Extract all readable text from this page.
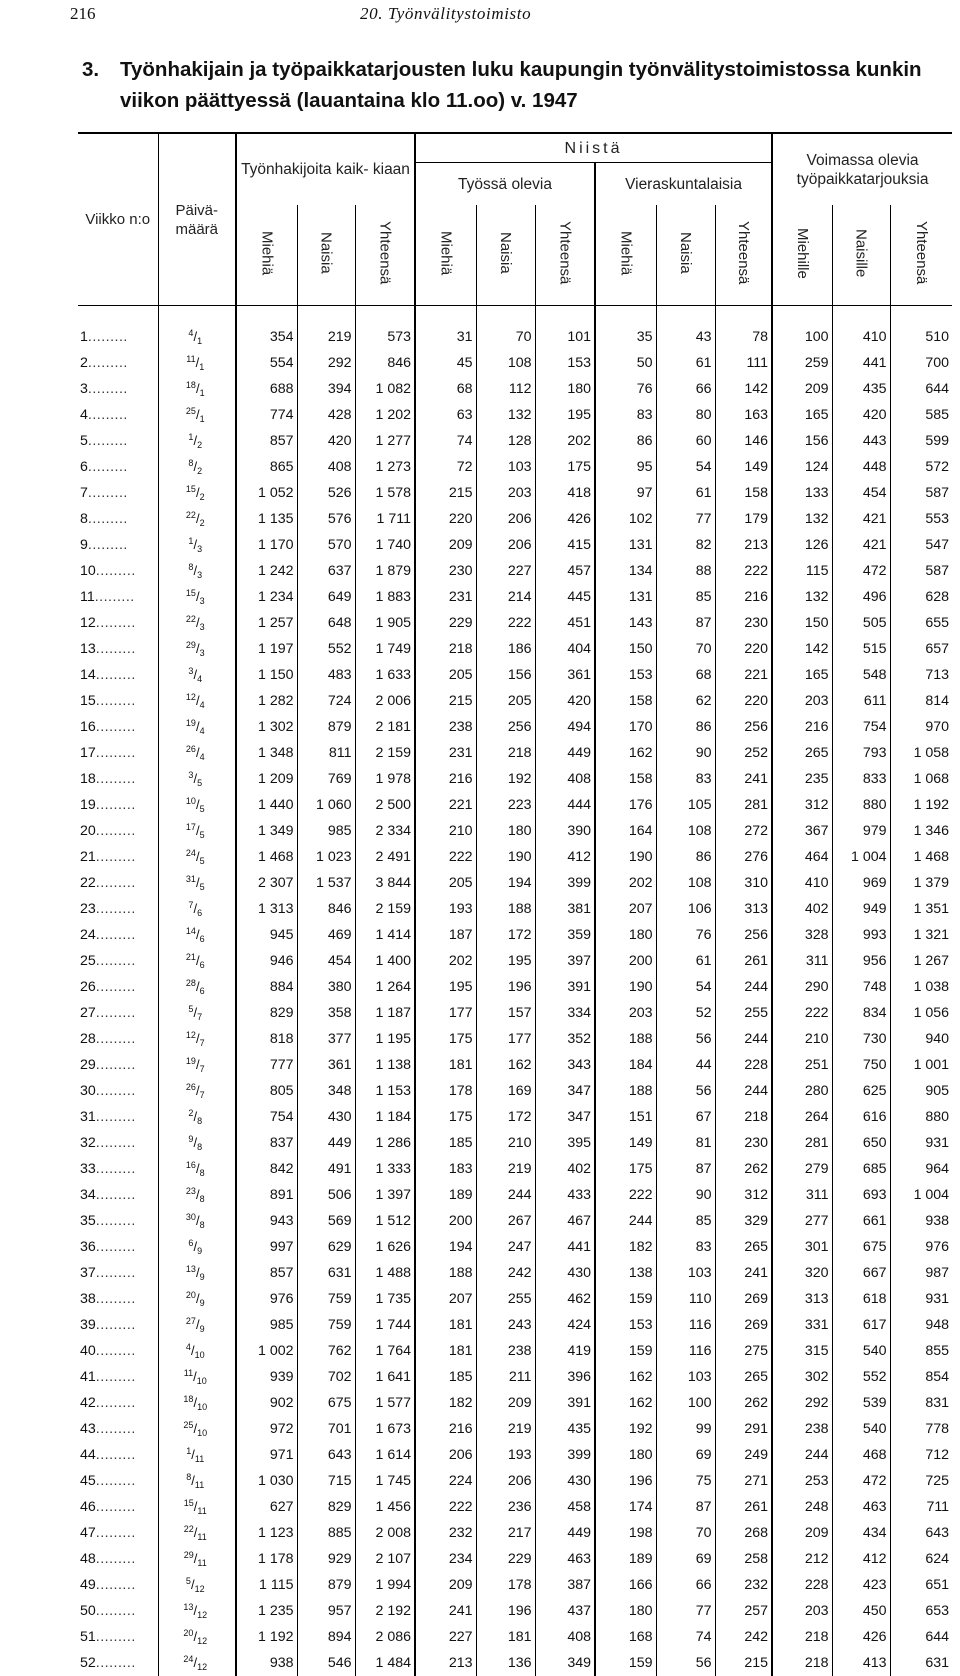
216	20. Työnvälitystoimisto
3. Työnhakijain ja työpaikkatarjousten luku kaupungin työnvälitystoimistossa kunkin
viikon päättyessä (lauantaina klo 11.oo) v. 1947
Viikko n:o	Päivä- määrä	Työnhakijoita kaik- kiaan			Niistä						Voimassa olevia työpaikkatarjouksia		
					Työssä olevia			Vieraskuntalaisia					
		Miehiä	Naisia	Yhteensä	Miehiä	Naisia	Yhteensä	Miehiä	Naisia	Yhteensä	Miehille	Naisille	Yhteensä
1.........	$^4/_1$	354	219	573	31	70	101	35	43	78	100	410	510
2.........	$^{11}/_1$	554	292	846	45	108	153	50	61	111	259	441	700
3.........	$^{18}/_1$	688	394	1 082	68	112	180	76	66	142	209	435	644
4.........	$^{25}/_1$	774	428	1 202	63	132	195	83	80	163	165	420	585
5.........	$^1/_2$	857	420	1 277	74	128	202	86	60	146	156	443	599
6.........	$^8/_2$	865	408	1 273	72	103	175	95	54	149	124	448	572
7.........	$^{15}/_2$	1 052	526	1 578	215	203	418	97	61	158	133	454	587
8.........	$^{22}/_2$	1 135	576	1 711	220	206	426	102	77	179	132	421	553
9.........	$^1/_3$	1 170	570	1 740	209	206	415	131	82	213	126	421	547
10.........	$^8/_3$	1 242	637	1 879	230	227	457	134	88	222	115	472	587
11.........	$^{15}/_3$	1 234	649	1 883	231	214	445	131	85	216	132	496	628
12.........	$^{22}/_3$	1 257	648	1 905	229	222	451	143	87	230	150	505	655
13.........	$^{29}/_3$	1 197	552	1 749	218	186	404	150	70	220	142	515	657
14.........	$^3/_4$	1 150	483	1 633	205	156	361	153	68	221	165	548	713
15.........	$^{12}/_4$	1 282	724	2 006	215	205	420	158	62	220	203	611	814
16.........	$^{19}/_4$	1 302	879	2 181	238	256	494	170	86	256	216	754	970
17.........	$^{26}/_4$	1 348	811	2 159	231	218	449	162	90	252	265	793	1 058
18.........	$^3/_5$	1 209	769	1 978	216	192	408	158	83	241	235	833	1 068
19.........	$^{10}/_5$	1 440	1 060	2 500	221	223	444	176	105	281	312	880	1 192
20.........	$^{17}/_5$	1 349	985	2 334	210	180	390	164	108	272	367	979	1 346
21.........	$^{24}/_5$	1 468	1 023	2 491	222	190	412	190	86	276	464	1 004	1 468
22.........	$^{31}/_5$	2 307	1 537	3 844	205	194	399	202	108	310	410	969	1 379
23.........	$^7/_6$	1 313	846	2 159	193	188	381	207	106	313	402	949	1 351
24.........	$^{14}/_6$	945	469	1 414	187	172	359	180	76	256	328	993	1 321
25.........	$^{21}/_6$	946	454	1 400	202	195	397	200	61	261	311	956	1 267
26.........	$^{28}/_6$	884	380	1 264	195	196	391	190	54	244	290	748	1 038
27.........	$^5/_7$	829	358	1 187	177	157	334	203	52	255	222	834	1 056
28.........	$^{12}/_7$	818	377	1 195	175	177	352	188	56	244	210	730	940
29.........	$^{19}/_7$	777	361	1 138	181	162	343	184	44	228	251	750	1 001
30.........	$^{26}/_7$	805	348	1 153	178	169	347	188	56	244	280	625	905
31.........	$^2/_8$	754	430	1 184	175	172	347	151	67	218	264	616	880
32.........	$^9/_8$	837	449	1 286	185	210	395	149	81	230	281	650	931
33.........	$^{16}/_8$	842	491	1 333	183	219	402	175	87	262	279	685	964
34.........	$^{23}/_8$	891	506	1 397	189	244	433	222	90	312	311	693	1 004
35.........	$^{30}/_8$	943	569	1 512	200	267	467	244	85	329	277	661	938
36.........	$^6/_9$	997	629	1 626	194	247	441	182	83	265	301	675	976
37.........	$^{13}/_9$	857	631	1 488	188	242	430	138	103	241	320	667	987
38.........	$^{20}/_9$	976	759	1 735	207	255	462	159	110	269	313	618	931
39.........	$^{27}/_9$	985	759	1 744	181	243	424	153	116	269	331	617	948
40.........	$^4/_{10}$	1 002	762	1 764	181	238	419	159	116	275	315	540	855
41.........	$^{11}/_{10}$	939	702	1 641	185	211	396	162	103	265	302	552	854
42.........	$^{18}/_{10}$	902	675	1 577	182	209	391	162	100	262	292	539	831
43.........	$^{25}/_{10}$	972	701	1 673	216	219	435	192	99	291	238	540	778
44.........	$^1/_{11}$	971	643	1 614	206	193	399	180	69	249	244	468	712
45.........	$^8/_{11}$	1 030	715	1 745	224	206	430	196	75	271	253	472	725
46.........	$^{15}/_{11}$	627	829	1 456	222	236	458	174	87	261	248	463	711
47.........	$^{22}/_{11}$	1 123	885	2 008	232	217	449	198	70	268	209	434	643
48.........	$^{29}/_{11}$	1 178	929	2 107	234	229	463	189	69	258	212	412	624
49.........	$^5/_{12}$	1 115	879	1 994	209	178	387	166	66	232	228	423	651
50.........	$^{13}/_{12}$	1 235	957	2 192	241	196	437	180	77	257	203	450	653
51.........	$^{20}/_{12}$	1 192	894	2 086	227	181	408	168	74	242	218	426	644
52.........	$^{24}/_{12}$	938	546	1 484	213	136	349	159	56	215	218	413	631
